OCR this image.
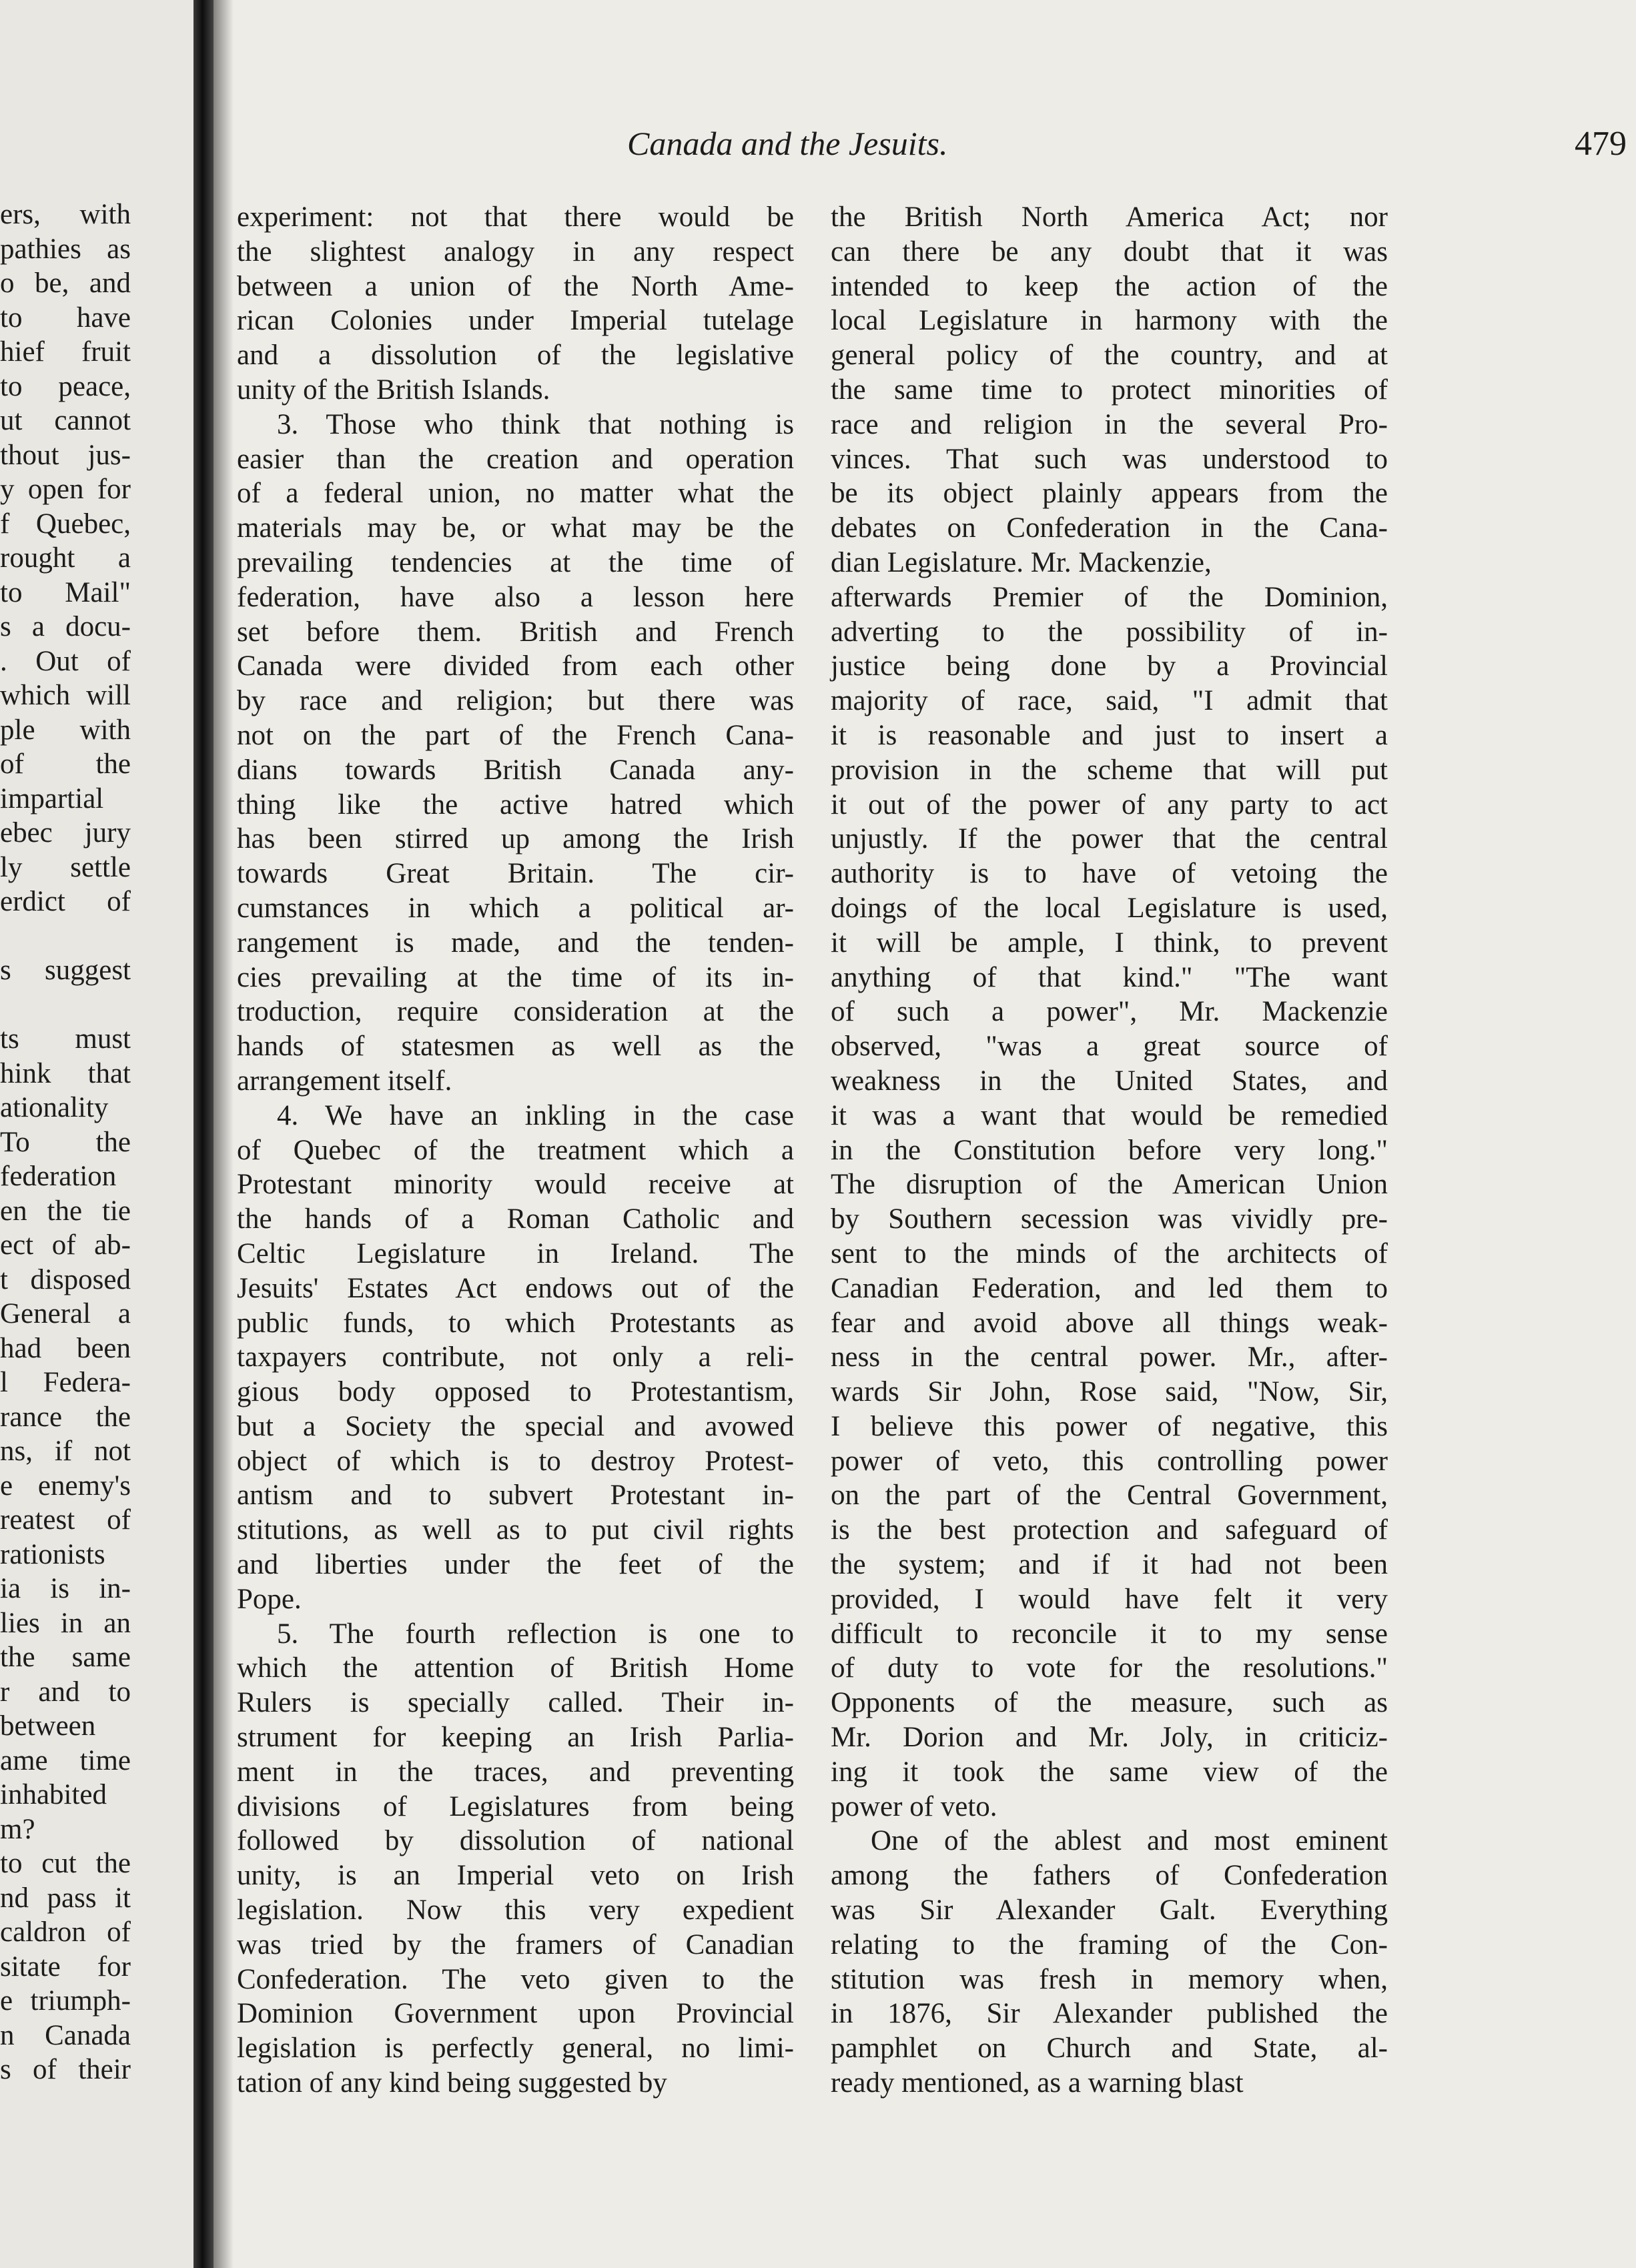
ers, with
pathies as
o be, and
to have
hief fruit
to peace,
ut cannot
thout jus-
y open for
f Quebec,
rought a
to Mail"
s a docu-
. Out of
which will
ple with
of the
impartial
ebec jury
ly settle
erdict of
s suggest
ts must
hink that
ationality
To the
federation
en the tie
ect of ab-
t disposed
General a
had been
l Federa-
rance the
ns, if not
e enemy's
reatest of
rationists
ia is in-
lies in an
the same
r and to
between
ame time
inhabited
m?
to cut the
nd pass it
caldron of
sitate for
e triumph-
n Canada
s of their
Canada and the Jesuits.	479
experiment: not that there would be
the slightest analogy in any respect
between a union of the North Ame-
rican Colonies under Imperial tutelage
and a dissolution of the legislative
unity of the British Islands.
3. Those who think that nothing is
easier than the creation and operation
of a federal union, no matter what the
materials may be, or what may be the
prevailing tendencies at the time of
federation, have also a lesson here
set before them. British and French
Canada were divided from each other
by race and religion; but there was
not on the part of the French Cana-
dians towards British Canada any-
thing like the active hatred which
has been stirred up among the Irish
towards Great Britain. The cir-
cumstances in which a political ar-
rangement is made, and the tenden-
cies prevailing at the time of its in-
troduction, require consideration at the
hands of statesmen as well as the
arrangement itself.
4. We have an inkling in the case
of Quebec of the treatment which a
Protestant minority would receive at
the hands of a Roman Catholic and
Celtic Legislature in Ireland. The
Jesuits' Estates Act endows out of the
public funds, to which Protestants as
taxpayers contribute, not only a reli-
gious body opposed to Protestantism,
but a Society the special and avowed
object of which is to destroy Protest-
antism and to subvert Protestant in-
stitutions, as well as to put civil rights
and liberties under the feet of the
Pope.
5. The fourth reflection is one to
which the attention of British Home
Rulers is specially called. Their in-
strument for keeping an Irish Parlia-
ment in the traces, and preventing
divisions of Legislatures from being
followed by dissolution of national
unity, is an Imperial veto on Irish
legislation. Now this very expedient
was tried by the framers of Canadian
Confederation. The veto given to the
Dominion Government upon Provincial
legislation is perfectly general, no limi-
tation of any kind being suggested by
the British North America Act; nor
can there be any doubt that it was
intended to keep the action of the
local Legislature in harmony with the
general policy of the country, and at
the same time to protect minorities of
race and religion in the several Pro-
vinces. That such was understood to
be its object plainly appears from the
debates on Confederation in the Cana-
dian Legislature. Mr. Mackenzie,
afterwards Premier of the Dominion,
adverting to the possibility of in-
justice being done by a Provincial
majority of race, said, "I admit that
it is reasonable and just to insert a
provision in the scheme that will put
it out of the power of any party to act
unjustly. If the power that the central
authority is to have of vetoing the
doings of the local Legislature is used,
it will be ample, I think, to prevent
anything of that kind." "The want
of such a power", Mr. Mackenzie
observed, "was a great source of
weakness in the United States, and
it was a want that would be remedied
in the Constitution before very long."
The disruption of the American Union
by Southern secession was vividly pre-
sent to the minds of the architects of
Canadian Federation, and led them to
fear and avoid above all things weak-
ness in the central power. Mr., after-
wards Sir John, Rose said, "Now, Sir,
I believe this power of negative, this
power of veto, this controlling power
on the part of the Central Government,
is the best protection and safeguard of
the system; and if it had not been
provided, I would have felt it very
difficult to reconcile it to my sense
of duty to vote for the resolutions."
Opponents of the measure, such as
Mr. Dorion and Mr. Joly, in criticiz-
ing it took the same view of the
power of veto.
One of the ablest and most eminent
among the fathers of Confederation
was Sir Alexander Galt. Everything
relating to the framing of the Con-
stitution was fresh in memory when,
in 1876, Sir Alexander published the
pamphlet on Church and State, al-
ready mentioned, as a warning blast
